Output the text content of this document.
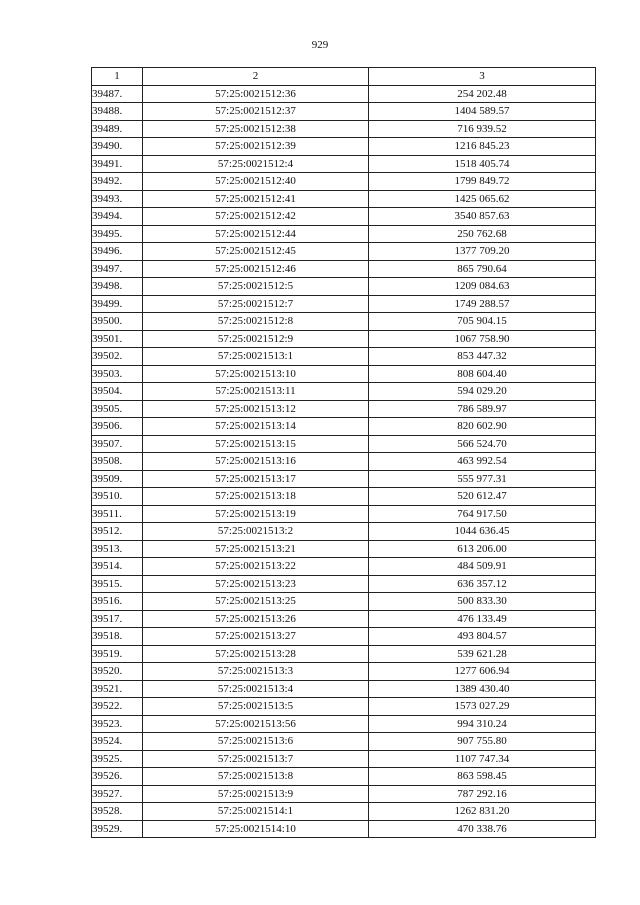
929
1	2	3
39487.	57:25:0021512:36	254 202.48
39488.	57:25:0021512:37	1404 589.57
39489.	57:25:0021512:38	716 939.52
39490.	57:25:0021512:39	1216 845.23
39491.	57:25:0021512:4	1518 405.74
39492.	57:25:0021512:40	1799 849.72
39493.	57:25:0021512:41	1425 065.62
39494.	57:25:0021512:42	3540 857.63
39495.	57:25:0021512:44	250 762.68
39496.	57:25:0021512:45	1377 709.20
39497.	57:25:0021512:46	865 790.64
39498.	57:25:0021512:5	1209 084.63
39499.	57:25:0021512:7	1749 288.57
39500.	57:25:0021512:8	705 904.15
39501.	57:25:0021512:9	1067 758.90
39502.	57:25:0021513:1	853 447.32
39503.	57:25:0021513:10	808 604.40
39504.	57:25:0021513:11	594 029.20
39505.	57:25:0021513:12	786 589.97
39506.	57:25:0021513:14	820 602.90
39507.	57:25:0021513:15	566 524.70
39508.	57:25:0021513:16	463 992.54
39509.	57:25:0021513:17	555 977.31
39510.	57:25:0021513:18	520 612.47
39511.	57:25:0021513:19	764 917.50
39512.	57:25:0021513:2	1044 636.45
39513.	57:25:0021513:21	613 206.00
39514.	57:25:0021513:22	484 509.91
39515.	57:25:0021513:23	636 357.12
39516.	57:25:0021513:25	500 833.30
39517.	57:25:0021513:26	476 133.49
39518.	57:25:0021513:27	493 804.57
39519.	57:25:0021513:28	539 621.28
39520.	57:25:0021513:3	1277 606.94
39521.	57:25:0021513:4	1389 430.40
39522.	57:25:0021513:5	1573 027.29
39523.	57:25:0021513:56	994 310.24
39524.	57:25:0021513:6	907 755.80
39525.	57:25:0021513:7	1107 747.34
39526.	57:25:0021513:8	863 598.45
39527.	57:25:0021513:9	787 292.16
39528.	57:25:0021514:1	1262 831.20
39529.	57:25:0021514:10	470 338.76
